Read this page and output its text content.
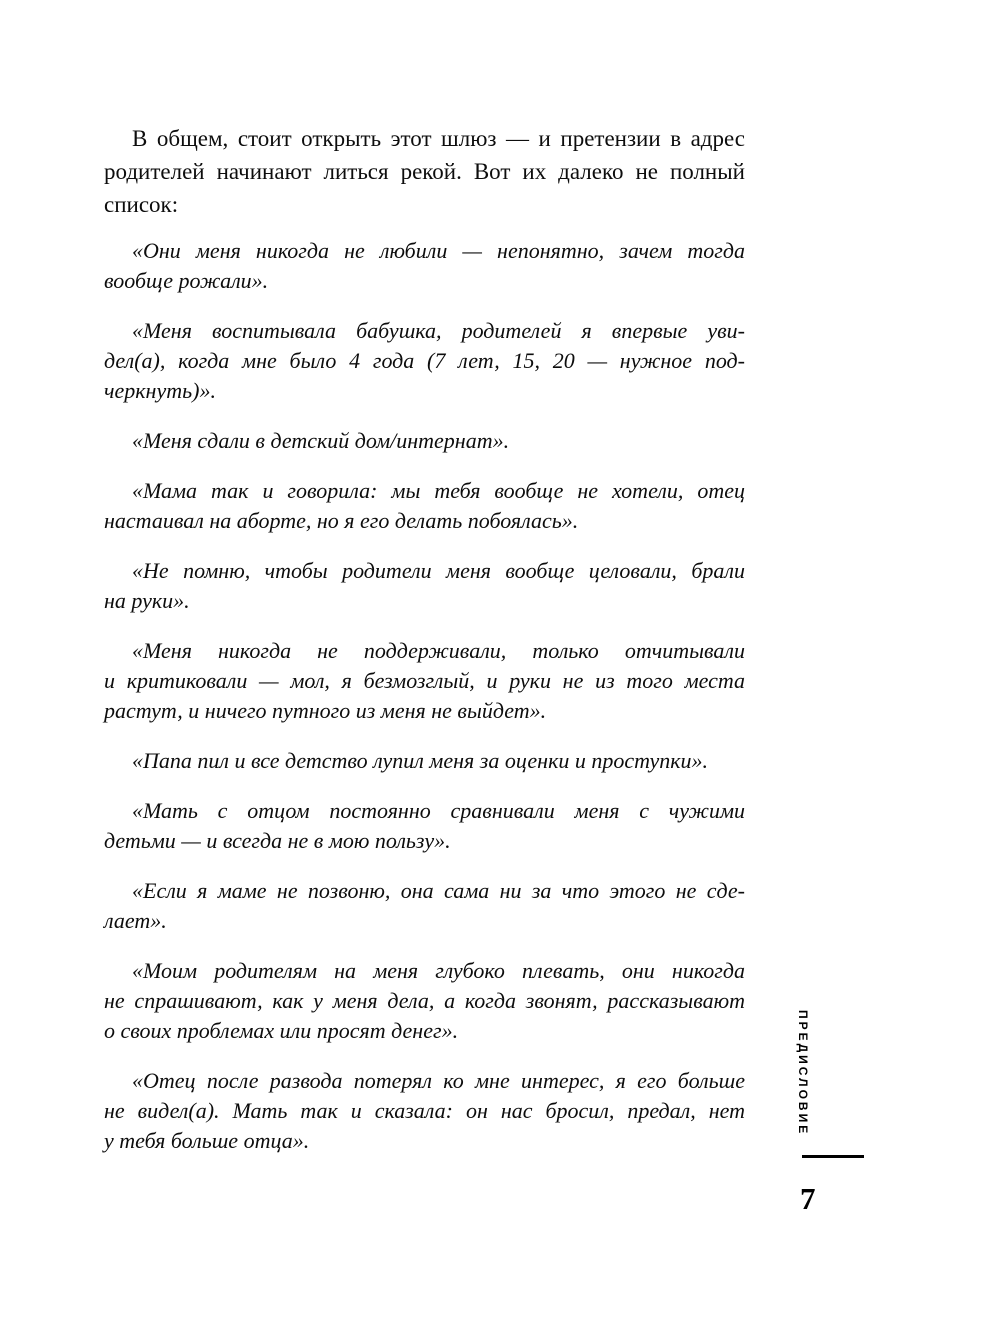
В общем, стоит открыть этот шлюз — и претензии в адрес
родителей начинают литься рекой. Вот их далеко не полный
список:
«Они меня никогда не любили — непонятно, зачем тогда
вообще рожали».
«Меня воспитывала бабушка, родителей я впервые уви-
дел(а), когда мне было 4 года (7 лет, 15, 20 — нужное под-
черкнуть)».
«Меня сдали в детский дом/интернат».
«Мама так и говорила: мы тебя вообще не хотели, отец
настаивал на аборте, но я его делать побоялась».
«Не помню, чтобы родители меня вообще целовали, брали
на руки».
«Меня никогда не поддерживали, только отчитывали
и критиковали — мол, я безмозглый, и руки не из того места
растут, и ничего путного из меня не выйдет».
«Папа пил и все детство лупил меня за оценки и проступки».
«Мать с отцом постоянно сравнивали меня с чужими
детьми — и всегда не в мою пользу».
«Если я маме не позвоню, она сама ни за что этого не сде-
лает».
«Моим родителям на меня глубоко плевать, они никогда
не спрашивают, как у меня дела, а когда звонят, рассказывают
о своих проблемах или просят денег».
«Отец после развода потерял ко мне интерес, я его больше
не видел(а). Мать так и сказала: он нас бросил, предал, нет
у тебя больше отца».
ПРЕДИСЛОВИЕ
7
